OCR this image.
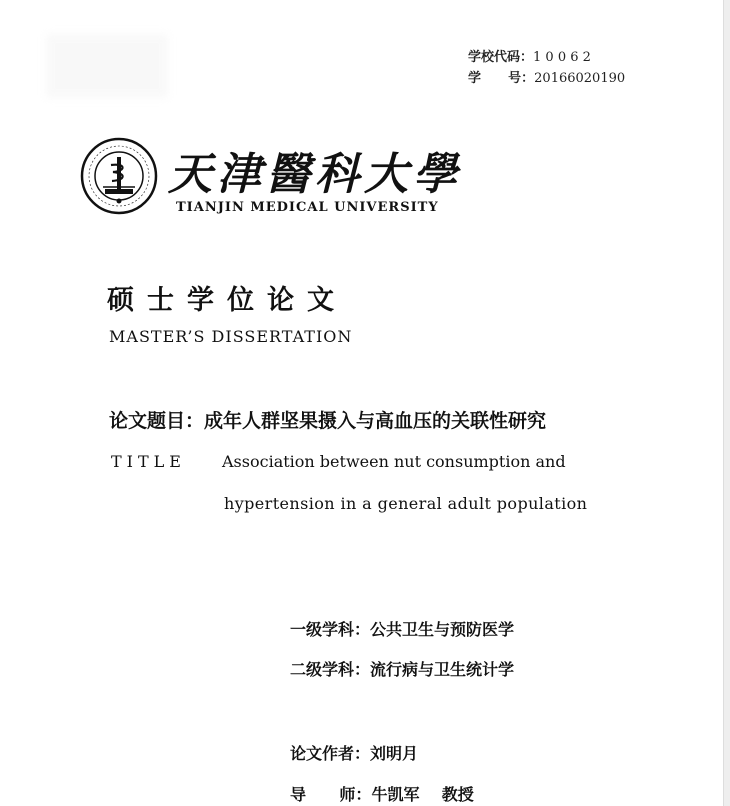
学校代码：1 0 0 6 2
学      号：20166020190
天津醫科大學
TIANJIN MEDICAL UNIVERSITY
硕士学位论文
MASTER’S DISSERTATION
论文题目：成年人群坚果摄入与高血压的关联性研究
TITLE Association between nut consumption and
hypertension in a general adult population
一级学科：公共卫生与预防医学
二级学科：流行病与卫生统计学
论文作者：刘明月
导      师：牛凯军    教授
